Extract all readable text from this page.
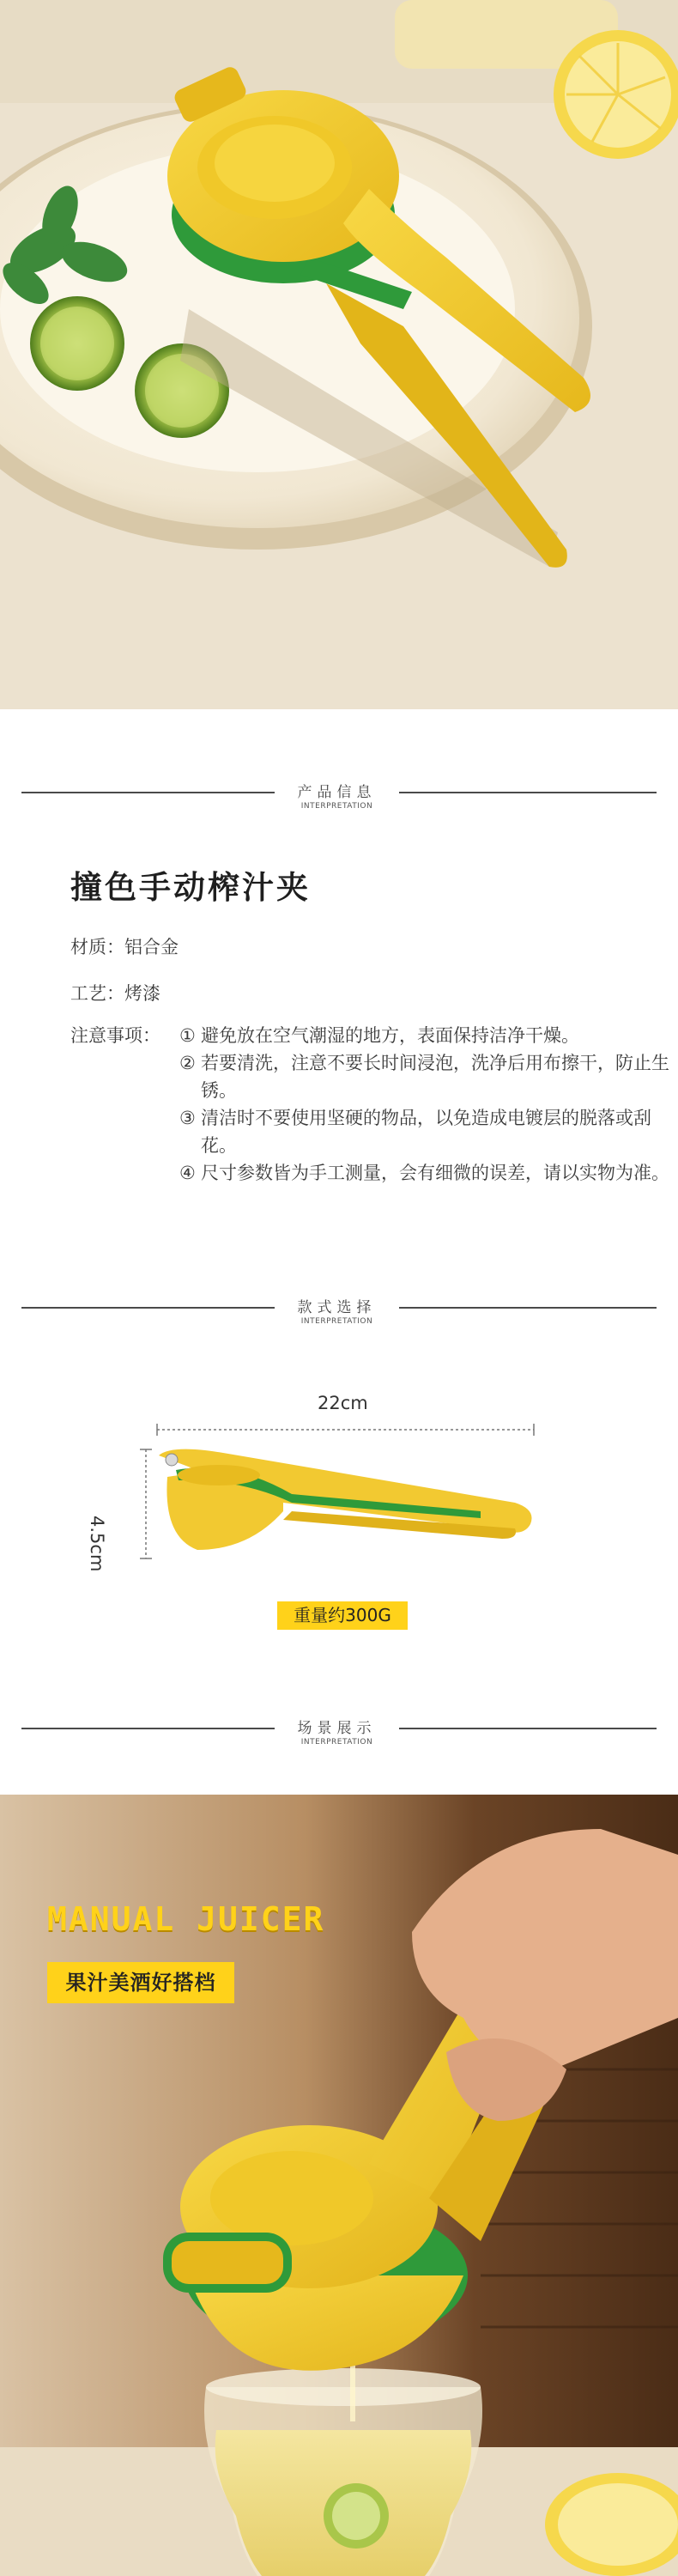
产品信息
INTERPRETATION
撞色手动榨汁夹
材质：铝合金
工艺：烤漆
注意事项： ① 避免放在空气潮湿的地方，表面保持洁净干燥。
② 若要清洗，注意不要长时间浸泡，洗净后用布擦干，防止生锈。
③ 清洁时不要使用坚硬的物品，以免造成电镀层的脱落或刮花。
④ 尺寸参数皆为手工测量，会有细微的误差，请以实物为准。
款式选择
INTERPRETATION
22cm
4.5cm
重量约300G
场景展示
INTERPRETATION
MANUAL JUICER
果汁美酒好搭档
